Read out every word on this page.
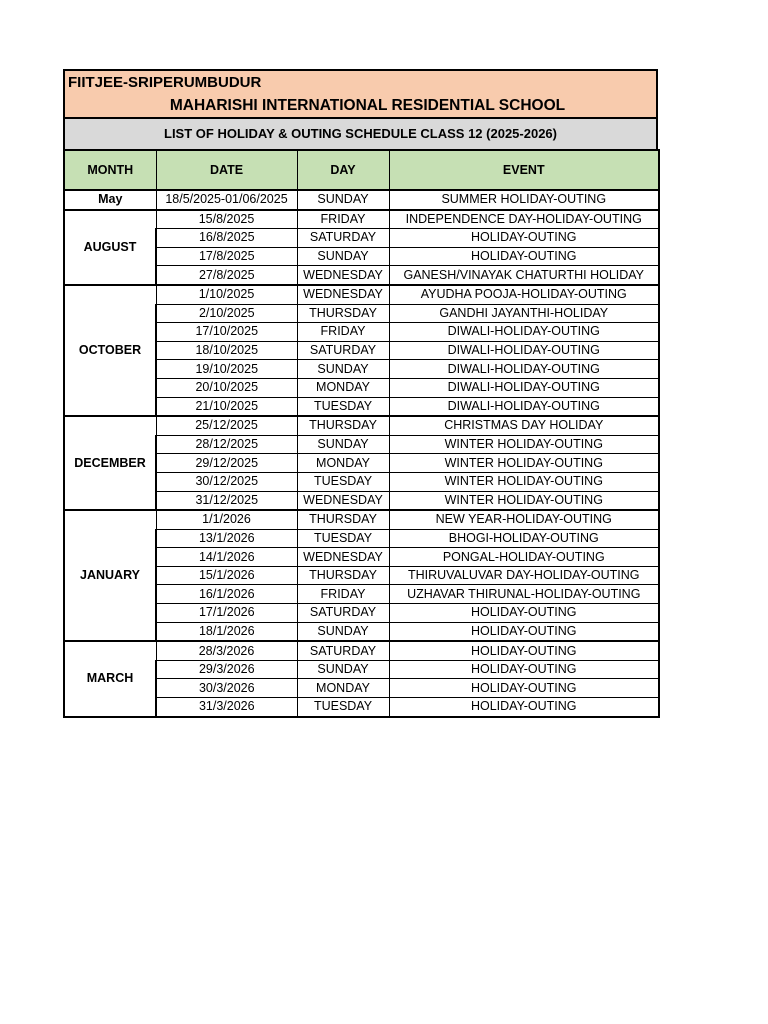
FIITJEE-SRIPERUMBUDUR
MAHARISHI INTERNATIONAL RESIDENTIAL SCHOOL
LIST OF HOLIDAY & OUTING SCHEDULE CLASS 12 (2025-2026)
MONTH	DATE	DAY	EVENT
May	18/5/2025-01/06/2025	SUNDAY	SUMMER HOLIDAY-OUTING
AUGUST	15/8/2025	FRIDAY	INDEPENDENCE DAY-HOLIDAY-OUTING
	16/8/2025	SATURDAY	HOLIDAY-OUTING
	17/8/2025	SUNDAY	HOLIDAY-OUTING
	27/8/2025	WEDNESDAY	GANESH/VINAYAK CHATURTHI HOLIDAY
OCTOBER	1/10/2025	WEDNESDAY	AYUDHA POOJA-HOLIDAY-OUTING
	2/10/2025	THURSDAY	GANDHI JAYANTHI-HOLIDAY
	17/10/2025	FRIDAY	DIWALI-HOLIDAY-OUTING
	18/10/2025	SATURDAY	DIWALI-HOLIDAY-OUTING
	19/10/2025	SUNDAY	DIWALI-HOLIDAY-OUTING
	20/10/2025	MONDAY	DIWALI-HOLIDAY-OUTING
	21/10/2025	TUESDAY	DIWALI-HOLIDAY-OUTING
DECEMBER	25/12/2025	THURSDAY	CHRISTMAS DAY HOLIDAY
	28/12/2025	SUNDAY	WINTER HOLIDAY-OUTING
	29/12/2025	MONDAY	WINTER HOLIDAY-OUTING
	30/12/2025	TUESDAY	WINTER HOLIDAY-OUTING
	31/12/2025	WEDNESDAY	WINTER HOLIDAY-OUTING
JANUARY	1/1/2026	THURSDAY	NEW YEAR-HOLIDAY-OUTING
	13/1/2026	TUESDAY	BHOGI-HOLIDAY-OUTING
	14/1/2026	WEDNESDAY	PONGAL-HOLIDAY-OUTING
	15/1/2026	THURSDAY	THIRUVALUVAR DAY-HOLIDAY-OUTING
	16/1/2026	FRIDAY	UZHAVAR THIRUNAL-HOLIDAY-OUTING
	17/1/2026	SATURDAY	HOLIDAY-OUTING
	18/1/2026	SUNDAY	HOLIDAY-OUTING
MARCH	28/3/2026	SATURDAY	HOLIDAY-OUTING
	29/3/2026	SUNDAY	HOLIDAY-OUTING
	30/3/2026	MONDAY	HOLIDAY-OUTING
	31/3/2026	TUESDAY	HOLIDAY-OUTING
